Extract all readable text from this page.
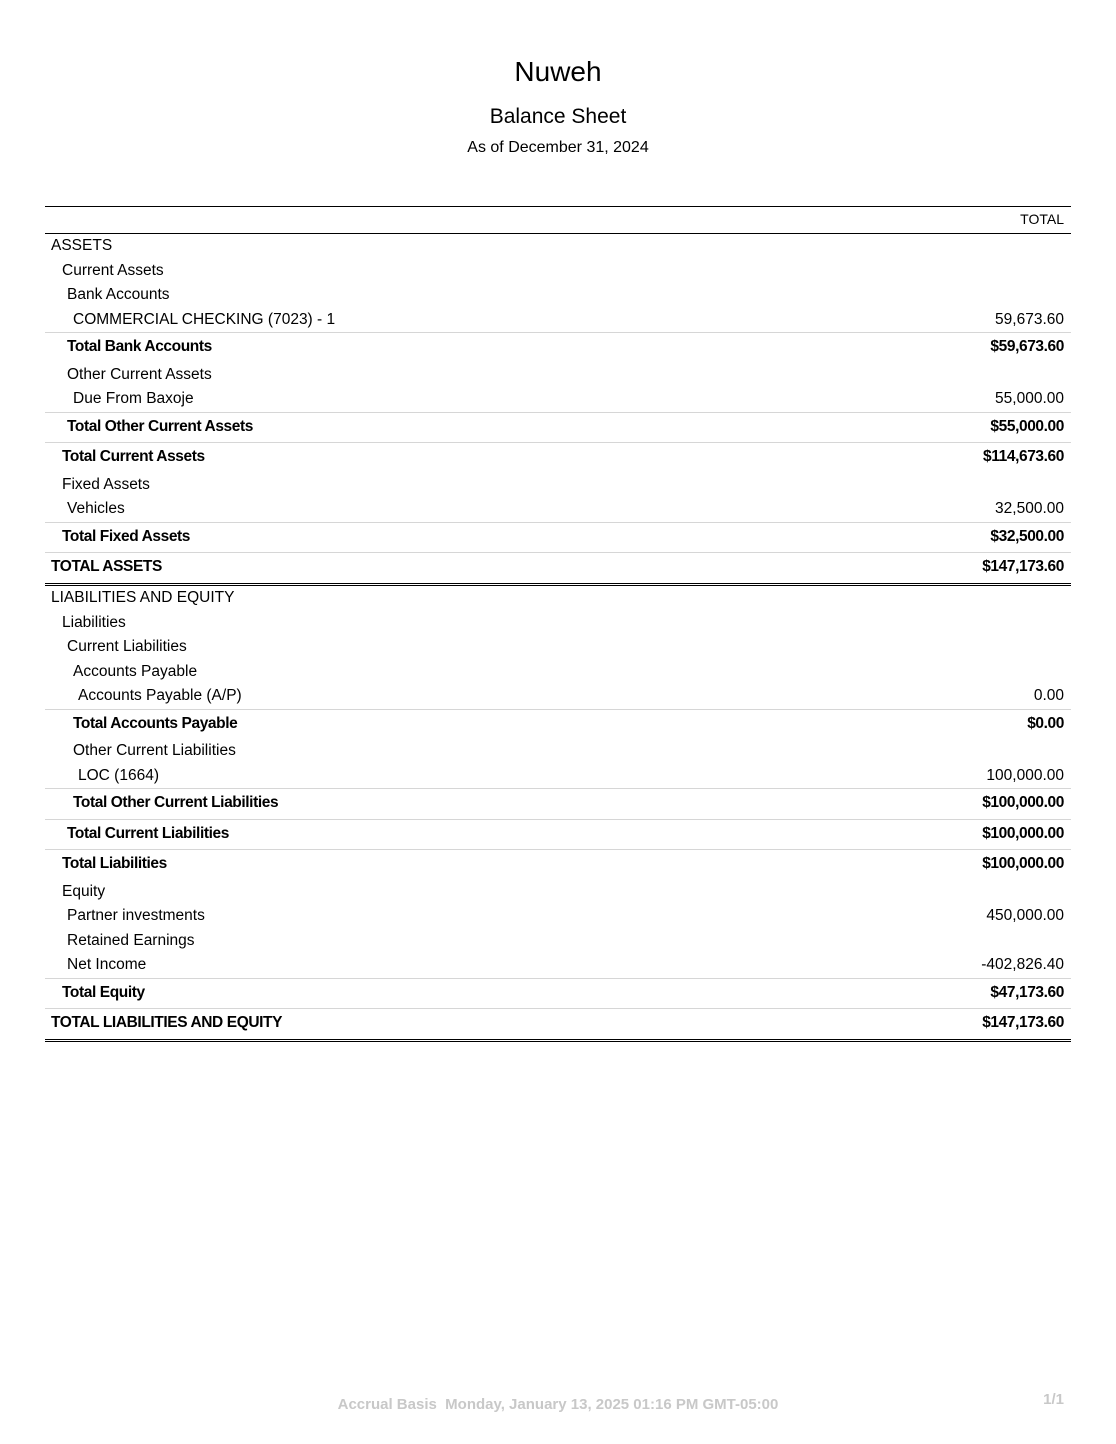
Nuweh
Balance Sheet
As of December 31, 2024
TOTAL
ASSETS
Current Assets
Bank Accounts
COMMERCIAL CHECKING (7023) - 1	59,673.60
Total Bank Accounts	$59,673.60
Other Current Assets
Due From Baxoje	55,000.00
Total Other Current Assets	$55,000.00
Total Current Assets	$114,673.60
Fixed Assets
Vehicles	32,500.00
Total Fixed Assets	$32,500.00
TOTAL ASSETS	$147,173.60
LIABILITIES AND EQUITY
Liabilities
Current Liabilities
Accounts Payable
Accounts Payable (A/P)	0.00
Total Accounts Payable	$0.00
Other Current Liabilities
LOC (1664)	100,000.00
Total Other Current Liabilities	$100,000.00
Total Current Liabilities	$100,000.00
Total Liabilities	$100,000.00
Equity
Partner investments	450,000.00
Retained Earnings
Net Income	-402,826.40
Total Equity	$47,173.60
TOTAL LIABILITIES AND EQUITY	$147,173.60
Accrual Basis  Monday, January 13, 2025 01:16 PM GMT-05:00	1/1
